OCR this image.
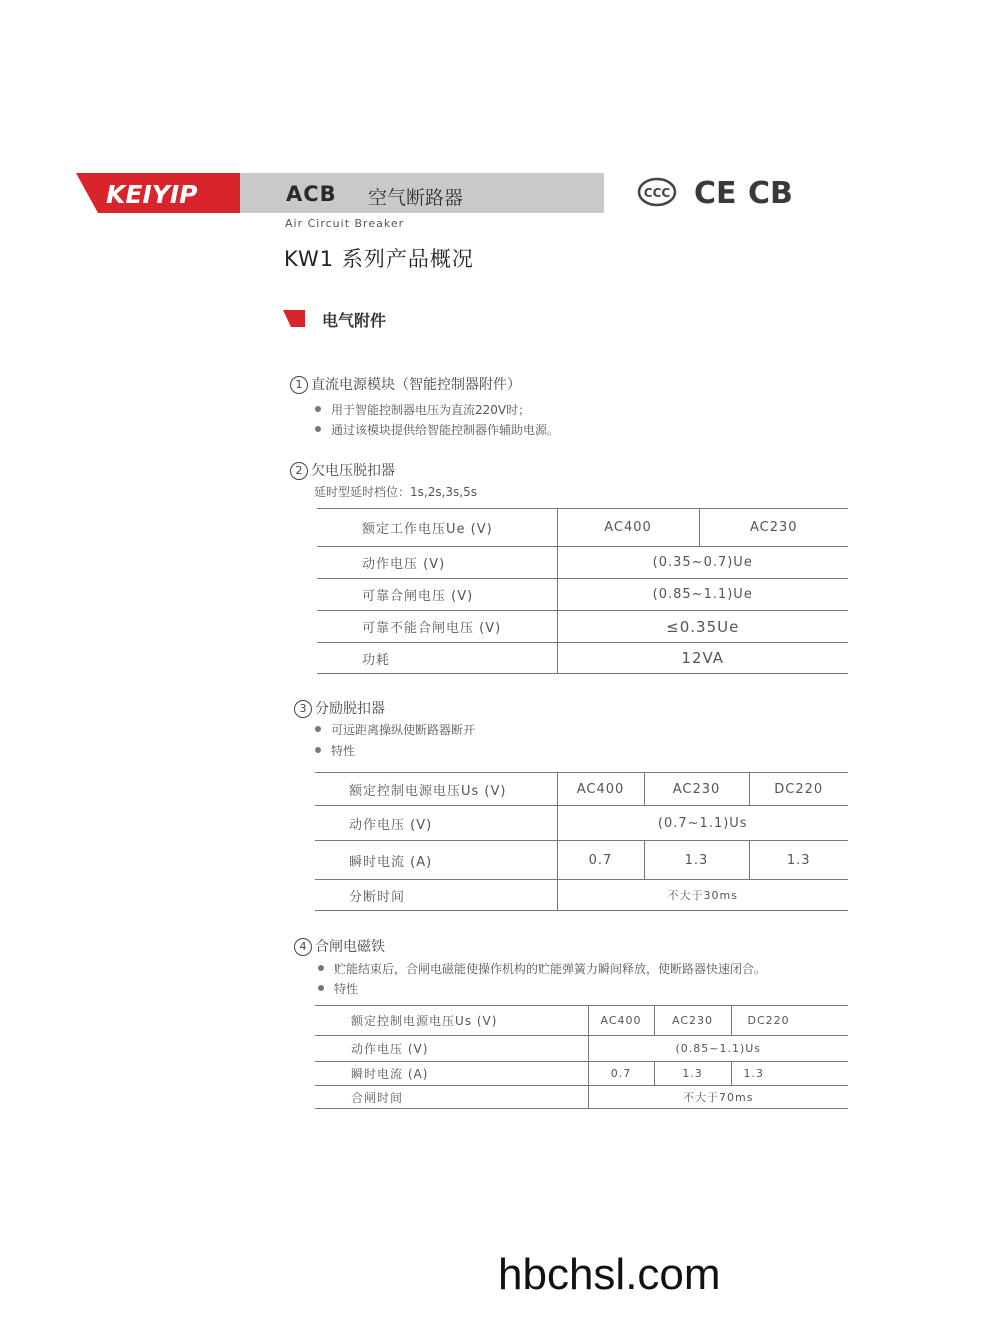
KEIYIP	ACB 空气断路器
Air Circuit Breaker
KW1 系列产品概况
CCC CE CB
电气附件
1 直流电源模块（智能控制器附件）
用于智能控制器电压为直流220V时；
通过该模块提供给智能控制器作辅助电源。
2 欠电压脱扣器
延时型延时档位：1s,2s,3s,5s
额定工作电压Ue (V)	AC400	AC230
动作电压 (V)	(0.35~0.7)Ue	
可靠合闸电压 (V)	(0.85~1.1)Ue	
可靠不能合闸电压 (V)	≤0.35Ue	
功耗	12VA	
3 分励脱扣器
可远距离操纵使断路器断开
特性
额定控制电源电压Us (V)	AC400	AC230	DC220
动作电压 (V)	(0.7~1.1)Us		
瞬时电流 (A)	0.7	1.3	1.3
分断时间	不大于30ms		
4 合闸电磁铁
贮能结束后，合闸电磁能使操作机构的贮能弹簧力瞬间释放，使断路器快速闭合。
特性
额定控制电源电压Us (V)	AC400	AC230	DC220
动作电压 (V)	(0.85~1.1)Us		
瞬时电流 (A)	0.7	1.3	1.3
合闸时间	不大于70ms		
hbchsl.com
